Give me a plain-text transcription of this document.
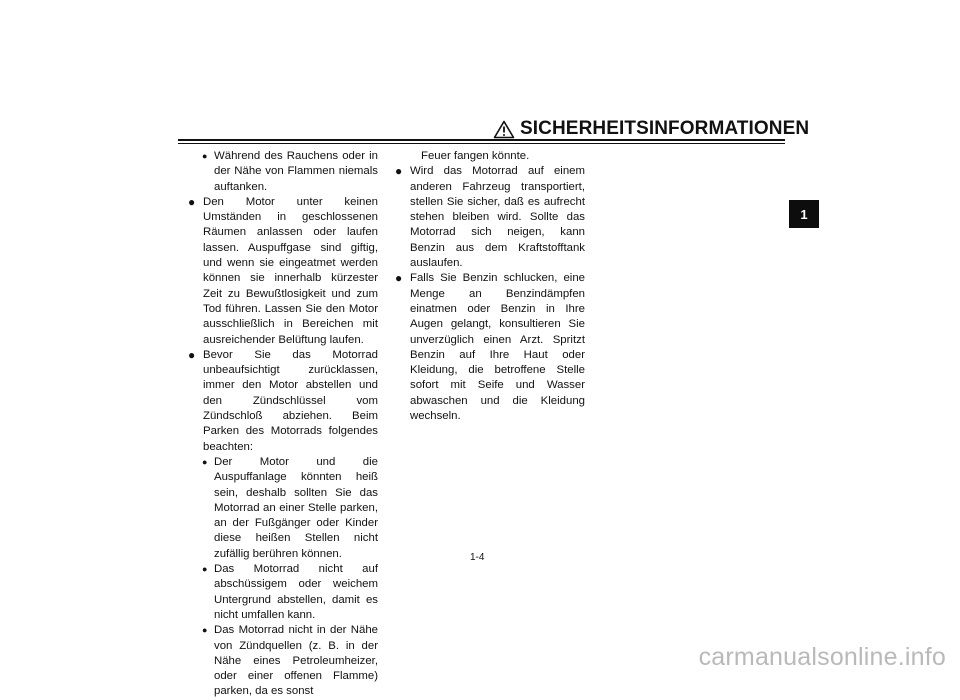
SICHERHEITSINFORMATIONEN
1

● Während des Rauchens oder in der Nähe von Flammen niemals auftanken.

● Den Motor unter keinen Umständen in geschlossenen Räumen anlassen oder laufen lassen. Auspuffgase sind giftig, und wenn sie eingeatmet werden können sie innerhalb kürzester Zeit zu Bewußtlosigkeit und zum Tod führen. Lassen Sie den Motor ausschließlich in Bereichen mit ausreichender Belüftung laufen.

● Bevor Sie das Motorrad unbeaufsichtigt zurücklassen, immer den Motor abstellen und den Zündschlüssel vom Zündschloß abziehen. Beim Parken des Motorrads folgendes beachten:

● Der Motor und die Auspuffanlage könnten heiß sein, deshalb sollten Sie das Motorrad an einer Stelle parken, an der Fußgänger oder Kinder diese heißen Stellen nicht zufällig berühren können.

● Das Motorrad nicht auf abschüssigem oder weichem Untergrund abstellen, damit es nicht umfallen kann.

● Das Motorrad nicht in der Nähe von Zündquellen (z. B. in der Nähe eines Petroleumheizer, oder einer offenen Flamme) parken, da es sonst

Feuer fangen könnte.

● Wird das Motorrad auf einem anderen Fahrzeug transportiert, stellen Sie sicher, daß es aufrecht stehen bleiben wird. Sollte das Motorrad sich neigen, kann Benzin aus dem Kraftstofftank auslaufen.

● Falls Sie Benzin schlucken, eine Menge an Benzindämpfen einatmen oder Benzin in Ihre Augen gelangt, konsultieren Sie unverzüglich einen Arzt. Spritzt Benzin auf Ihre Haut oder Kleidung, die betroffene Stelle sofort mit Seife und Wasser abwaschen und die Kleidung wechseln.

1-4
carmanualsonline.info
